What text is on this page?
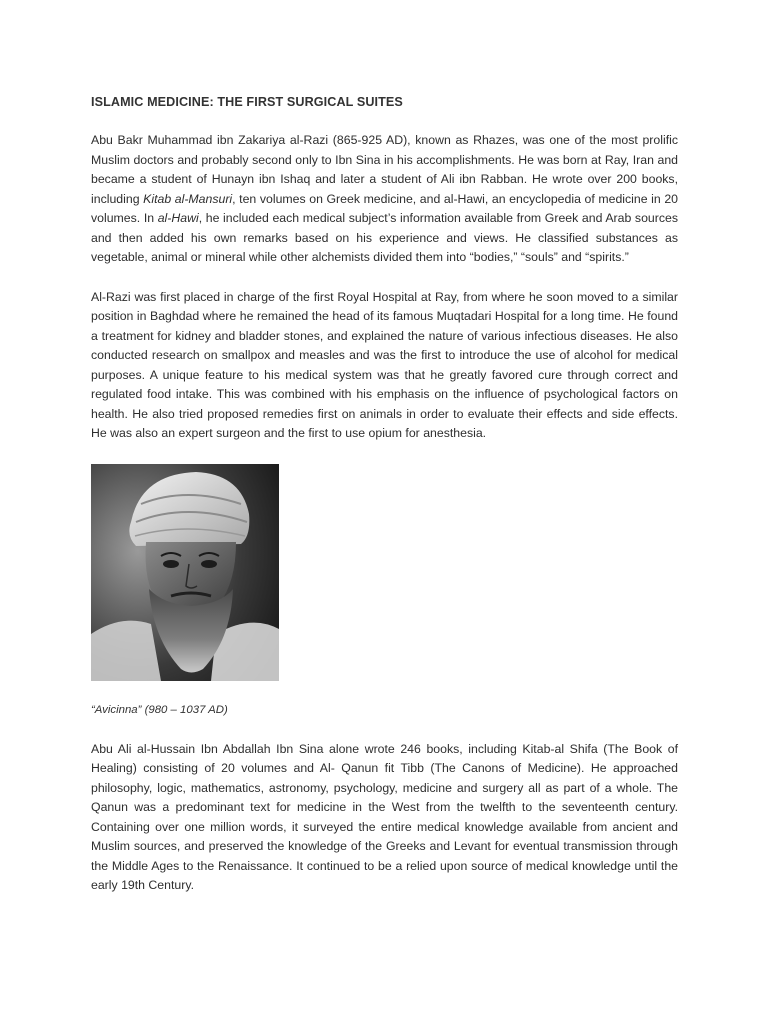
ISLAMIC MEDICINE: THE FIRST SURGICAL SUITES

Abu Bakr Muhammad ibn Zakariya al-Razi (865-925 AD), known as Rhazes, was one of the most prolific Muslim doctors and probably second only to Ibn Sina in his accomplishments. He was born at Ray, Iran and became a student of Hunayn ibn Ishaq and later a student of Ali ibn Rabban. He wrote over 200 books, including Kitab al-Mansuri, ten volumes on Greek medicine, and al-Hawi, an encyclopedia of medicine in 20 volumes. In al-Hawi, he included each medical subject’s information available from Greek and Arab sources and then added his own remarks based on his experience and views. He classified substances as vegetable, animal or mineral while other alchemists divided them into “bodies,” “souls” and “spirits.”

Al-Razi was first placed in charge of the first Royal Hospital at Ray, from where he soon moved to a similar position in Baghdad where he remained the head of its famous Muqtadari Hospital for a long time. He found a treatment for kidney and bladder stones, and explained the nature of various infectious diseases. He also conducted research on smallpox and measles and was the first to introduce the use of alcohol for medical purposes. A unique feature to his medical system was that he greatly favored cure through correct and regulated food intake. This was combined with his emphasis on the influence of psychological factors on health. He also tried proposed remedies first on animals in order to evaluate their effects and side effects. He was also an expert surgeon and the first to use opium for anesthesia.

“Avicinna” (980 – 1037 AD)

Abu Ali al-Hussain Ibn Abdallah Ibn Sina alone wrote 246 books, including Kitab-al Shifa (The Book of Healing) consisting of 20 volumes and Al- Qanun fit Tibb (The Canons of Medicine). He approached philosophy, logic, mathematics, astronomy, psychology, medicine and surgery all as part of a whole. The Qanun was a predominant text for medicine in the West from the twelfth to the seventeenth century. Containing over one million words, it surveyed the entire medical knowledge available from ancient and Muslim sources, and preserved the knowledge of the Greeks and Levant for eventual transmission through the Middle Ages to the Renaissance. It continued to be a relied upon source of medical knowledge until the early 19th Century.
